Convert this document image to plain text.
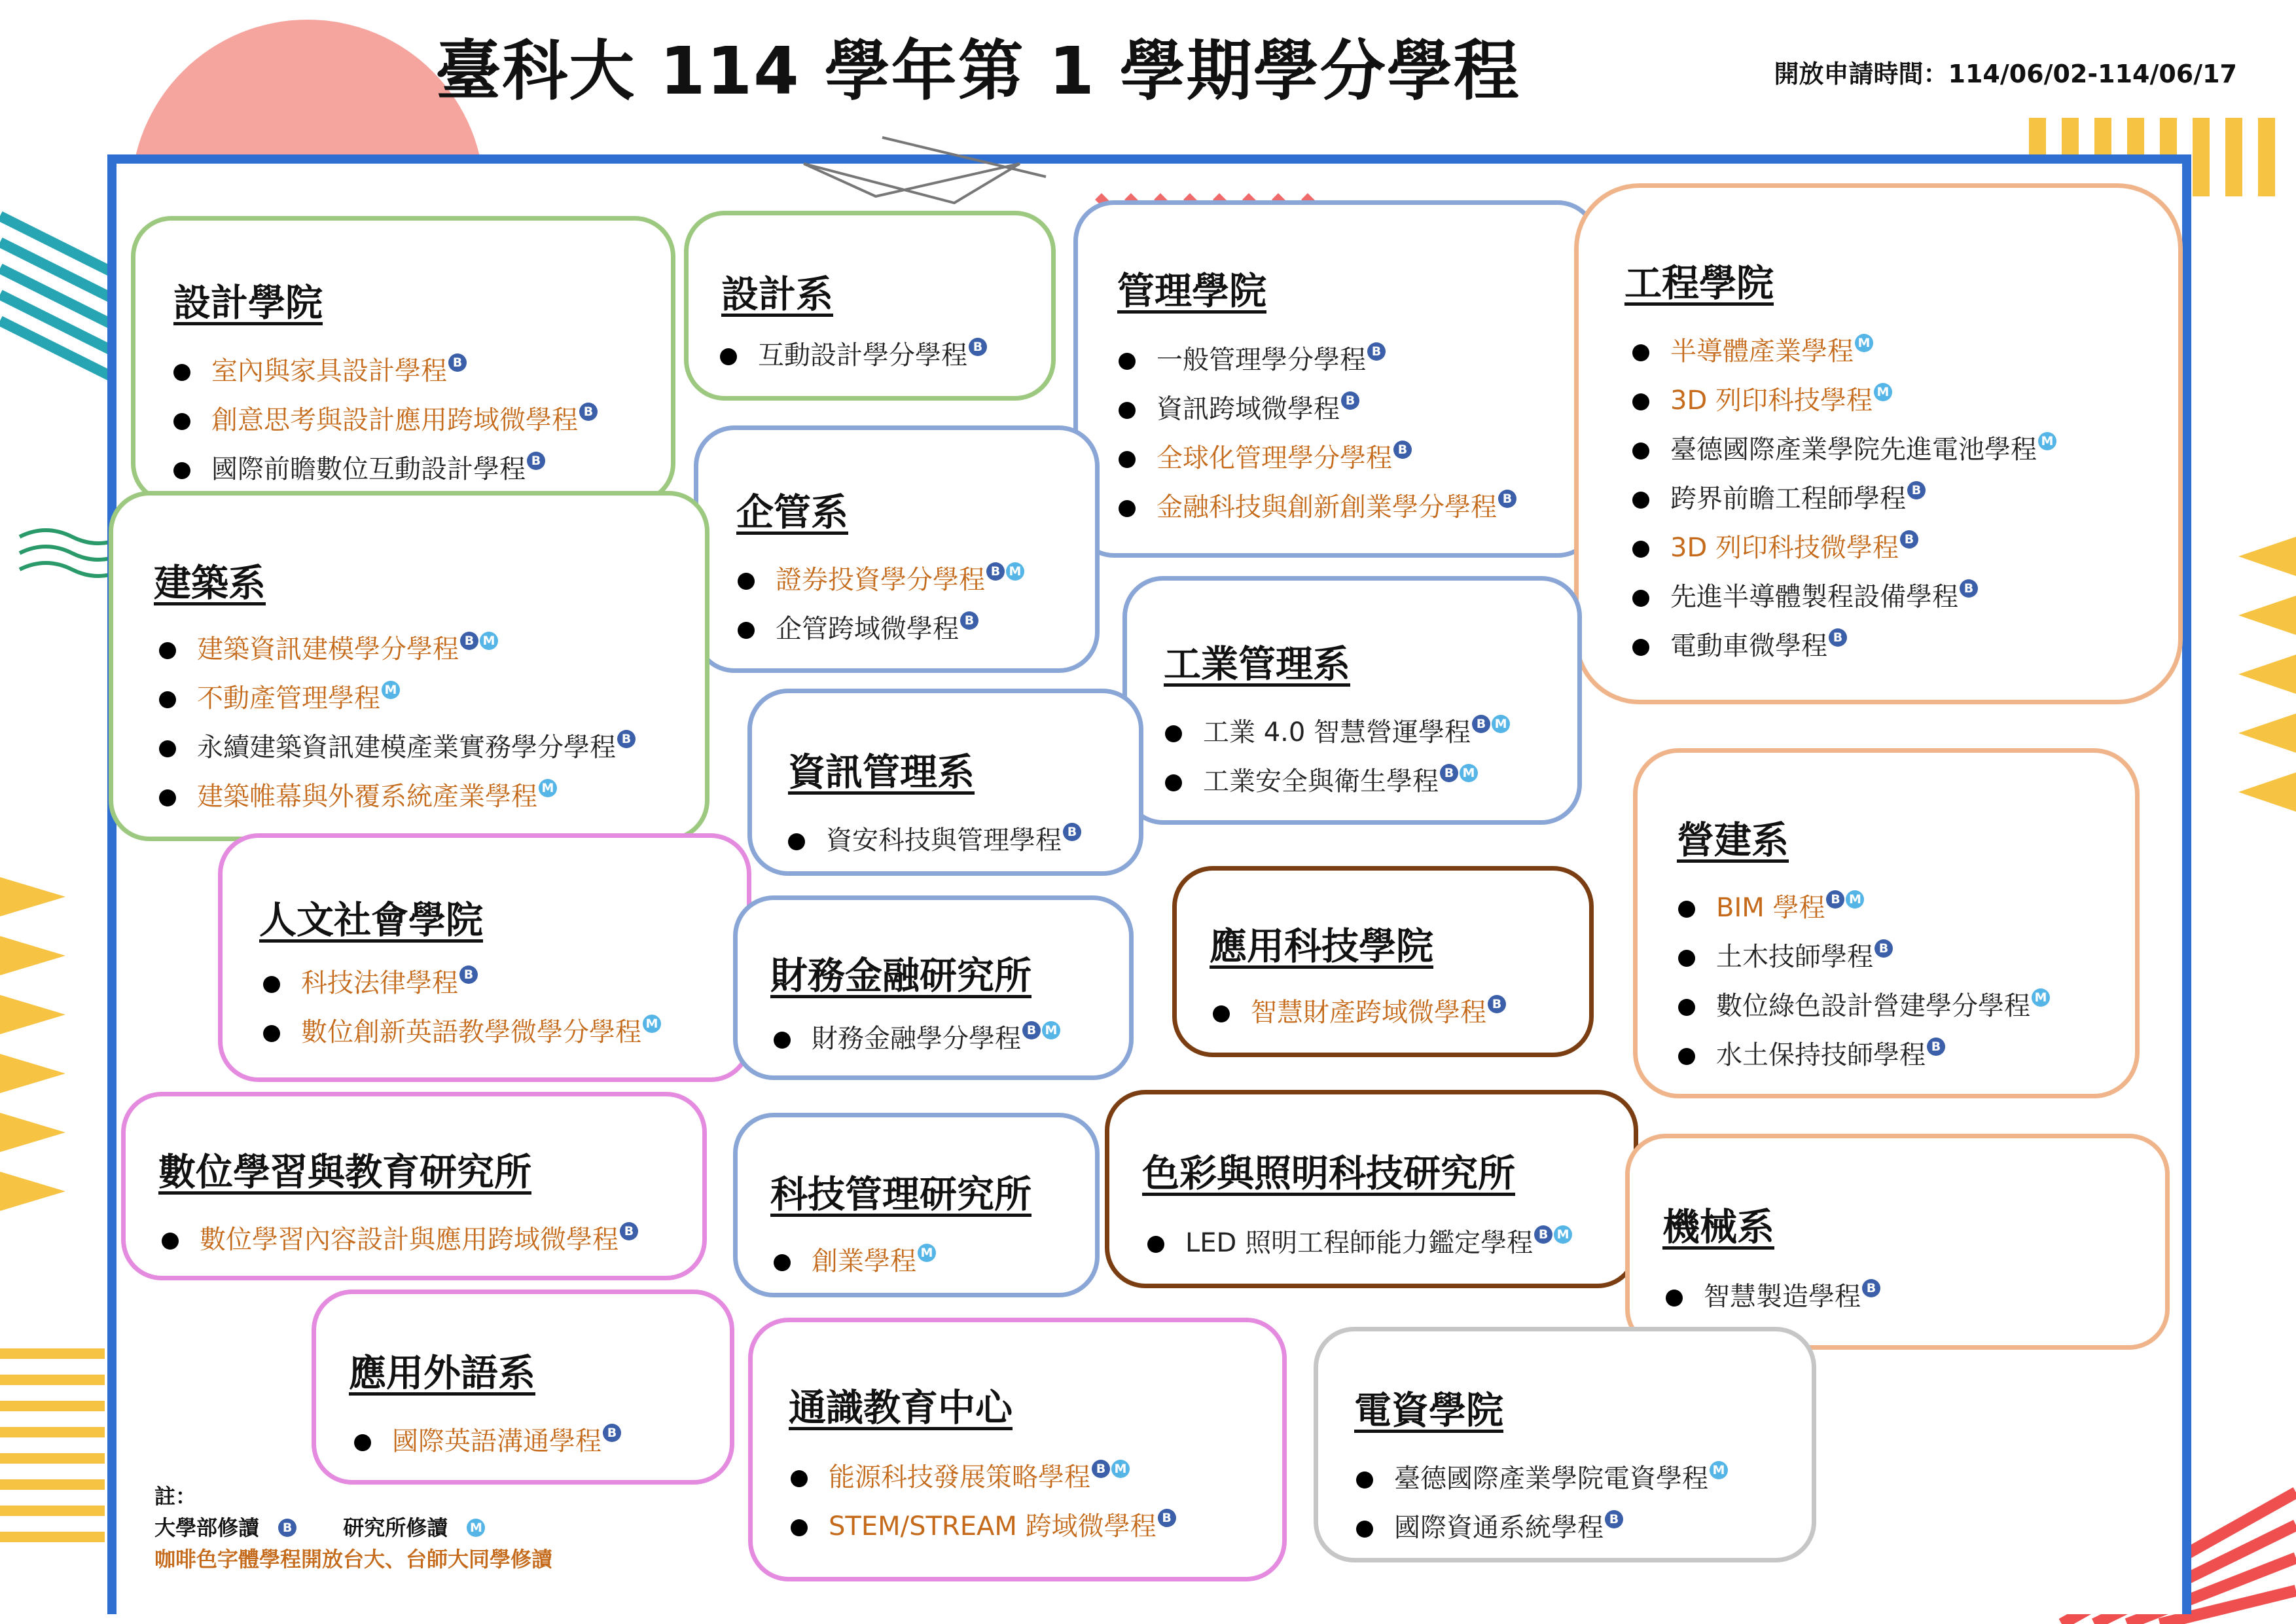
臺科大 114 學年第 1 學期學分學程	開放申請時間：114/06/02-114/06/17
設計學院
室內與家具設計學程 B
創意思考與設計應用跨域微學程 B
國際前瞻數位互動設計學程 B
設計系
互動設計學分學程 B
管理學院
一般管理學分學程 B
資訊跨域微學程 B
全球化管理學分學程 B
金融科技與創新創業學分學程 B
工程學院
半導體產業學程 M
3D 列印科技學程 M
臺德國際產業學院先進電池學程 M
跨界前瞻工程師學程 B
3D 列印科技微學程 B
先進半導體製程設備學程 B
電動車微學程 B
企管系
證券投資學分學程 B M
企管跨域微學程 B
建築系
建築資訊建模學分學程 B M
不動產管理學程 M
永續建築資訊建模產業實務學分學程 B
建築帷幕與外覆系統產業學程 M
工業管理系
工業 4.0 智慧營運學程 B M
工業安全與衛生學程 B M
資訊管理系
資安科技與管理學程 B	營建系
BIM 學程 B M
土木技師學程 B
數位綠色設計營建學分學程 M
水土保持技師學程 B
人文社會學院
科技法律學程 B
數位創新英語教學微學分學程 M
財務金融研究所
財務金融學分學程 B M
應用科技學院
智慧財產跨域微學程 B
數位學習與教育研究所
數位學習內容設計與應用跨域微學程 B
科技管理研究所
創業學程 M
色彩與照明科技研究所
LED 照明工程師能力鑑定學程 B M 機械系
智慧製造學程 B
應用外語系
國際英語溝通學程 B
通識教育中心
能源科技發展策略學程 B M
STEM/STREAM 跨域微學程 B
電資學院
臺德國際產業學院電資學程 M
國際資通系統學程 B
註：
大學部修讀 B 研究所修讀 M
咖啡色字體學程開放台大、台師大同學修讀
